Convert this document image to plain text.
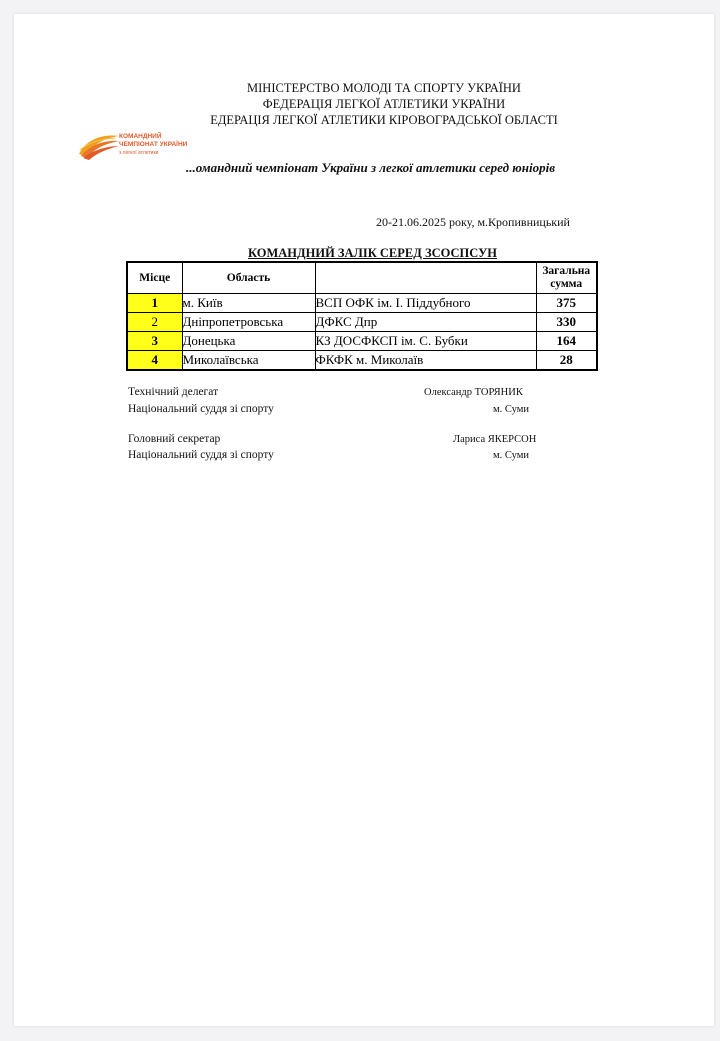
МІНІСТЕРСТВО МОЛОДІ ТА СПОРТУ УКРАЇНИ
ФЕДЕРАЦІЯ ЛЕГКОЇ АТЛЕТИКИ УКРАЇНИ
ЕДЕРАЦІЯ ЛЕГКОЇ АТЛЕТИКИ КІРОВОГРАДСЬКОЇ ОБЛАСТІ
КОМАНДНИЙ
ЧЕМПІОНАТ УКРАЇНИ
з легкої атлетики
...омандний чемпіонат України з легкої атлетики серед юніорів
20-21.06.2025 року, м.Кропивницький
КОМАНДНИЙ ЗАЛІК СЕРЕД ЗСОСПСУН
Місце	Область		Загальна
сумма

1	м. Київ	ВСП ОФК ім. І. Піддубного	375
2	Дніпропетровська	ДФКС Дпр	330
3	Донецька	КЗ ДОСФКСП ім. С. Бубки	164
4	Миколаївська	ФКФК м. Миколаїв	28
Технічний делегат	Олександр ТОРЯНИК
Національний суддя зі спорту	м. Суми
Головний секретар	Лариса ЯКЕРСОН
Національний суддя зі спорту	м. Суми
